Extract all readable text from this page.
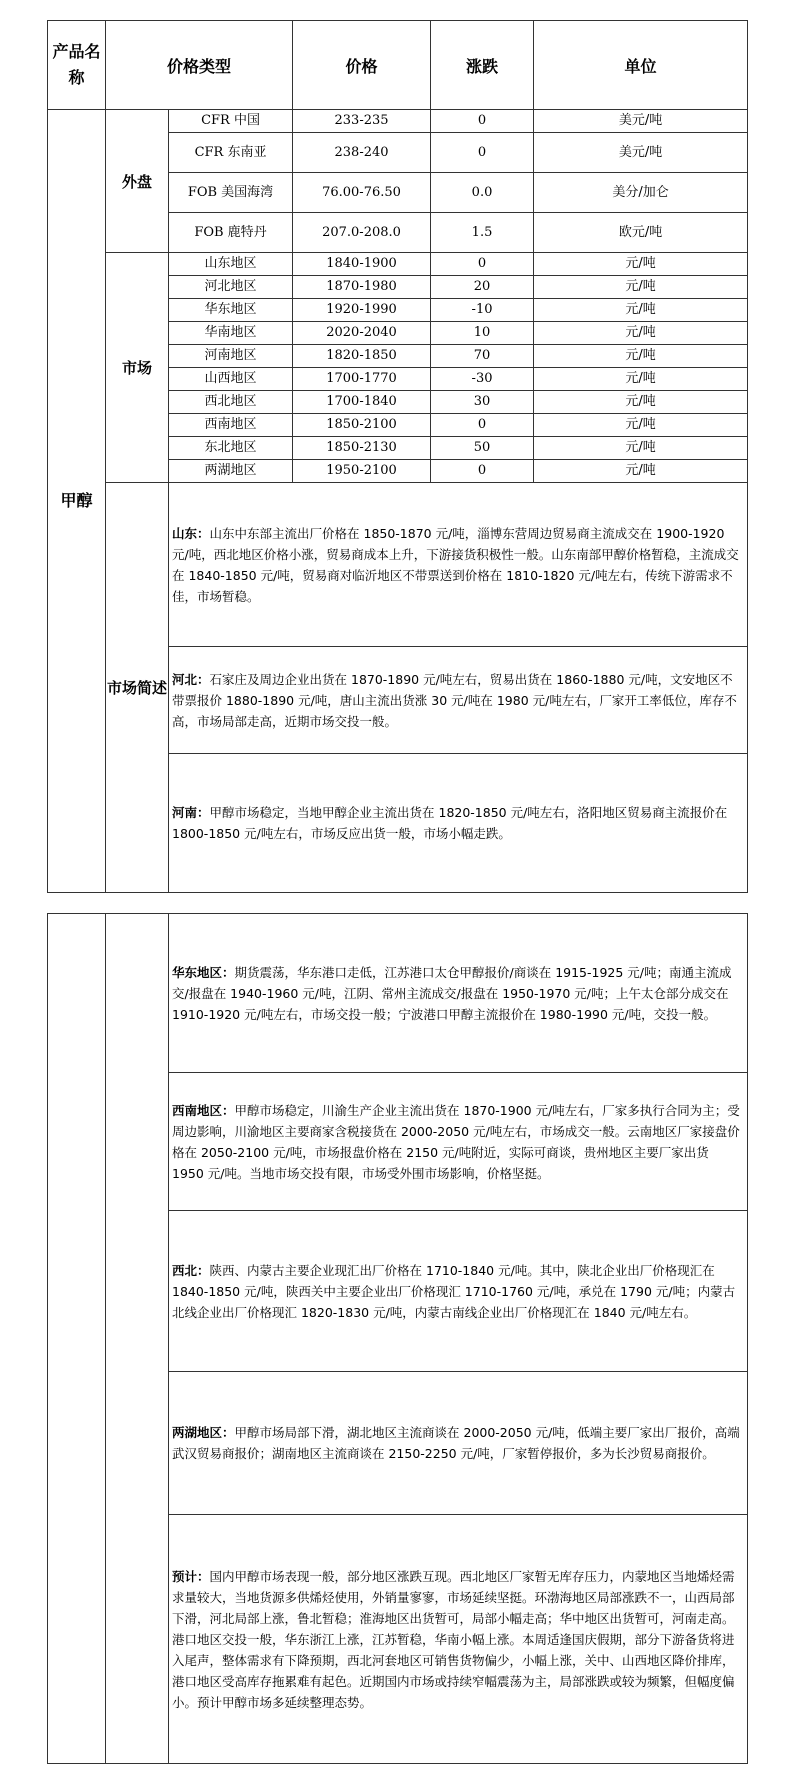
产品名称	价格类型		价格	涨跌	单位
甲醇	外盘	CFR 中国	233-235	0	美元/吨
		CFR 东南亚	238-240	0	美元/吨
		FOB 美国海湾	76.00-76.50	0.0	美分/加仑
		FOB 鹿特丹	207.0-208.0	1.5	欧元/吨
	市场	山东地区	1840-1900	0	元/吨
		河北地区	1870-1980	20	元/吨
		华东地区	1920-1990	-10	元/吨
		华南地区	2020-2040	10	元/吨
		河南地区	1820-1850	70	元/吨
		山西地区	1700-1770	-30	元/吨
		西北地区	1700-1840	30	元/吨
		西南地区	1850-2100	0	元/吨
		东北地区	1850-2130	50	元/吨
		两湖地区	1950-2100	0	元/吨
	市场简述	山东：山东中东部主流出厂价格在 1850-1870 元/吨，淄博东营周边贸易商主流成交在 1900-1920 元/吨，西北地区价格小涨，贸易商成本上升，下游接货积极性一般。山东南部甲醇价格暂稳，主流成交在 1840-1850 元/吨，贸易商对临沂地区不带票送到价格在 1810-1820 元/吨左右，传统下游需求不佳，市场暂稳。			
		河北：石家庄及周边企业出货在 1870-1890 元/吨左右，贸易出货在 1860-1880 元/吨，文安地区不带票报价 1880-1890 元/吨，唐山主流出货涨 30 元/吨在 1980 元/吨左右，厂家开工率低位，库存不高，市场局部走高，近期市场交投一般。			
		河南：甲醇市场稳定，当地甲醇企业主流出货在 1820-1850 元/吨左右，洛阳地区贸易商主流报价在 1800-1850 元/吨左右，市场反应出货一般，市场小幅走跌。			
		华东地区：期货震荡，华东港口走低，江苏港口太仓甲醇报价/商谈在 1915-1925 元/吨；南通主流成交/报盘在 1940-1960 元/吨，江阴、常州主流成交/报盘在 1950-1970 元/吨；上午太仓部分成交在 1910-1920 元/吨左右，市场交投一般；宁波港口甲醇主流报价在 1980-1990 元/吨，交投一般。
西南地区：甲醇市场稳定，川渝生产企业主流出货在 1870-1900 元/吨左右，厂家多执行合同为主；受周边影响，川渝地区主要商家含税接货在 2000-2050 元/吨左右，市场成交一般。云南地区厂家接盘价格在 2050-2100 元/吨，市场报盘价格在 2150 元/吨附近，实际可商谈，贵州地区主要厂家出货 1950 元/吨。当地市场交投有限，市场受外围市场影响，价格坚挺。
西北：陕西、内蒙古主要企业现汇出厂价格在 1710-1840 元/吨。其中，陕北企业出厂价格现汇在 1840-1850 元/吨，陕西关中主要企业出厂价格现汇 1710-1760 元/吨，承兑在 1790 元/吨；内蒙古北线企业出厂价格现汇 1820-1830 元/吨，内蒙古南线企业出厂价格现汇在 1840 元/吨左右。
两湖地区：甲醇市场局部下滑，湖北地区主流商谈在 2000-2050 元/吨，低端主要厂家出厂报价，高端武汉贸易商报价；湖南地区主流商谈在 2150-2250 元/吨，厂家暂停报价，多为长沙贸易商报价。
预计：国内甲醇市场表现一般，部分地区涨跌互现。西北地区厂家暂无库存压力，内蒙地区当地烯烃需求量较大，当地货源多供烯烃使用，外销量寥寥，市场延续坚挺。环渤海地区局部涨跌不一，山西局部下滑，河北局部上涨，鲁北暂稳；淮海地区出货暂可，局部小幅走高；华中地区出货暂可，河南走高。港口地区交投一般，华东浙江上涨，江苏暂稳，华南小幅上涨。本周适逢国庆假期，部分下游备货将进入尾声，整体需求有下降预期，西北河套地区可销售货物偏少，小幅上涨，关中、山西地区降价排库，港口地区受高库存拖累难有起色。近期国内市场或持续窄幅震荡为主，局部涨跌或较为频繁，但幅度偏小。预计甲醇市场多延续整理态势。
